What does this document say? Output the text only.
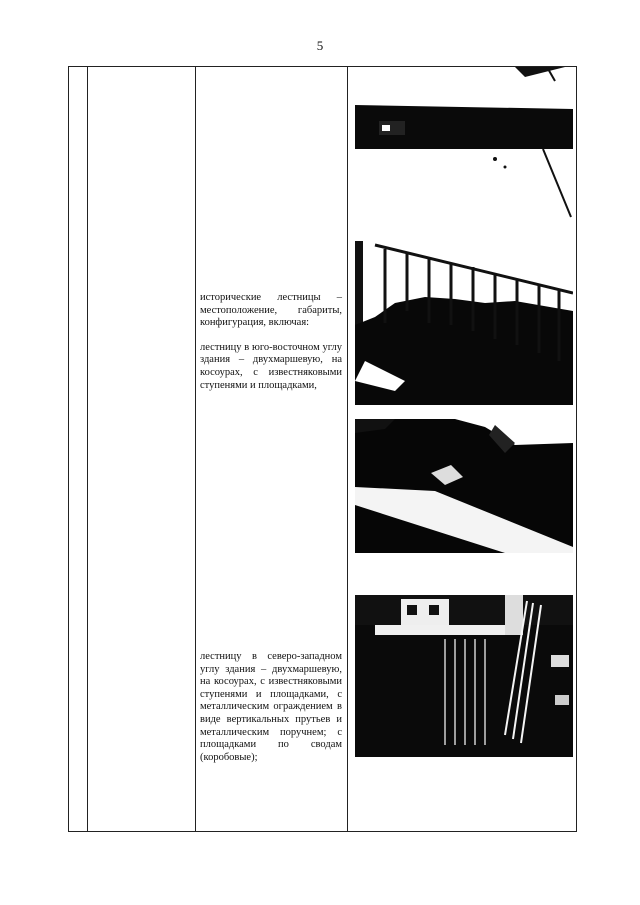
5

исторические лестницы – местоположение, габариты, конфигурация, включая:

лестницу в юго-восточном углу здания – двухмаршевую, на косоурах, с известняковыми ступенями и площадками,

лестницу в северо-западном углу здания – двухмаршевую, на косоурах, с известняковыми ступенями и площадками, с металлическим ограждением в виде вертикальных прутьев и металлическим поручнем; с площадками по сводам (коробовые);
